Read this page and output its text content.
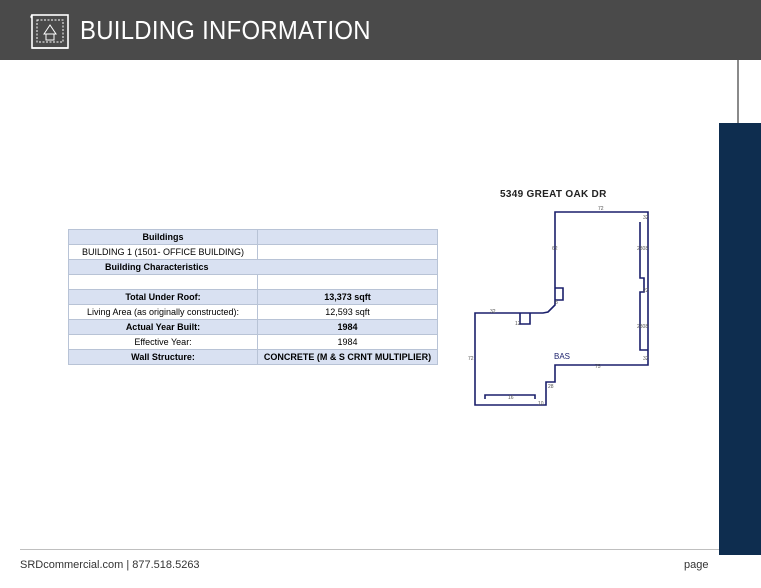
BUILDING INFORMATION
Buildings	
BUILDING 1 (1501- OFFICE BUILDING)	
Building Characteristics	

Total Under Roof:	13,373 sqft
Living Area (as originally constructed):	12,593 sqft
Actual Year Built:	1984
Effective Year:	1984
Wall Structure:	CONCRETE (M & S CRNT MULTIPLIER)
5349 GREAT OAK DR
72
32
62	2808
22
2808
32
75
28
72
32
16
10
12
8
BAS
SRDcommercial.com | 877.518.5263	page	14
